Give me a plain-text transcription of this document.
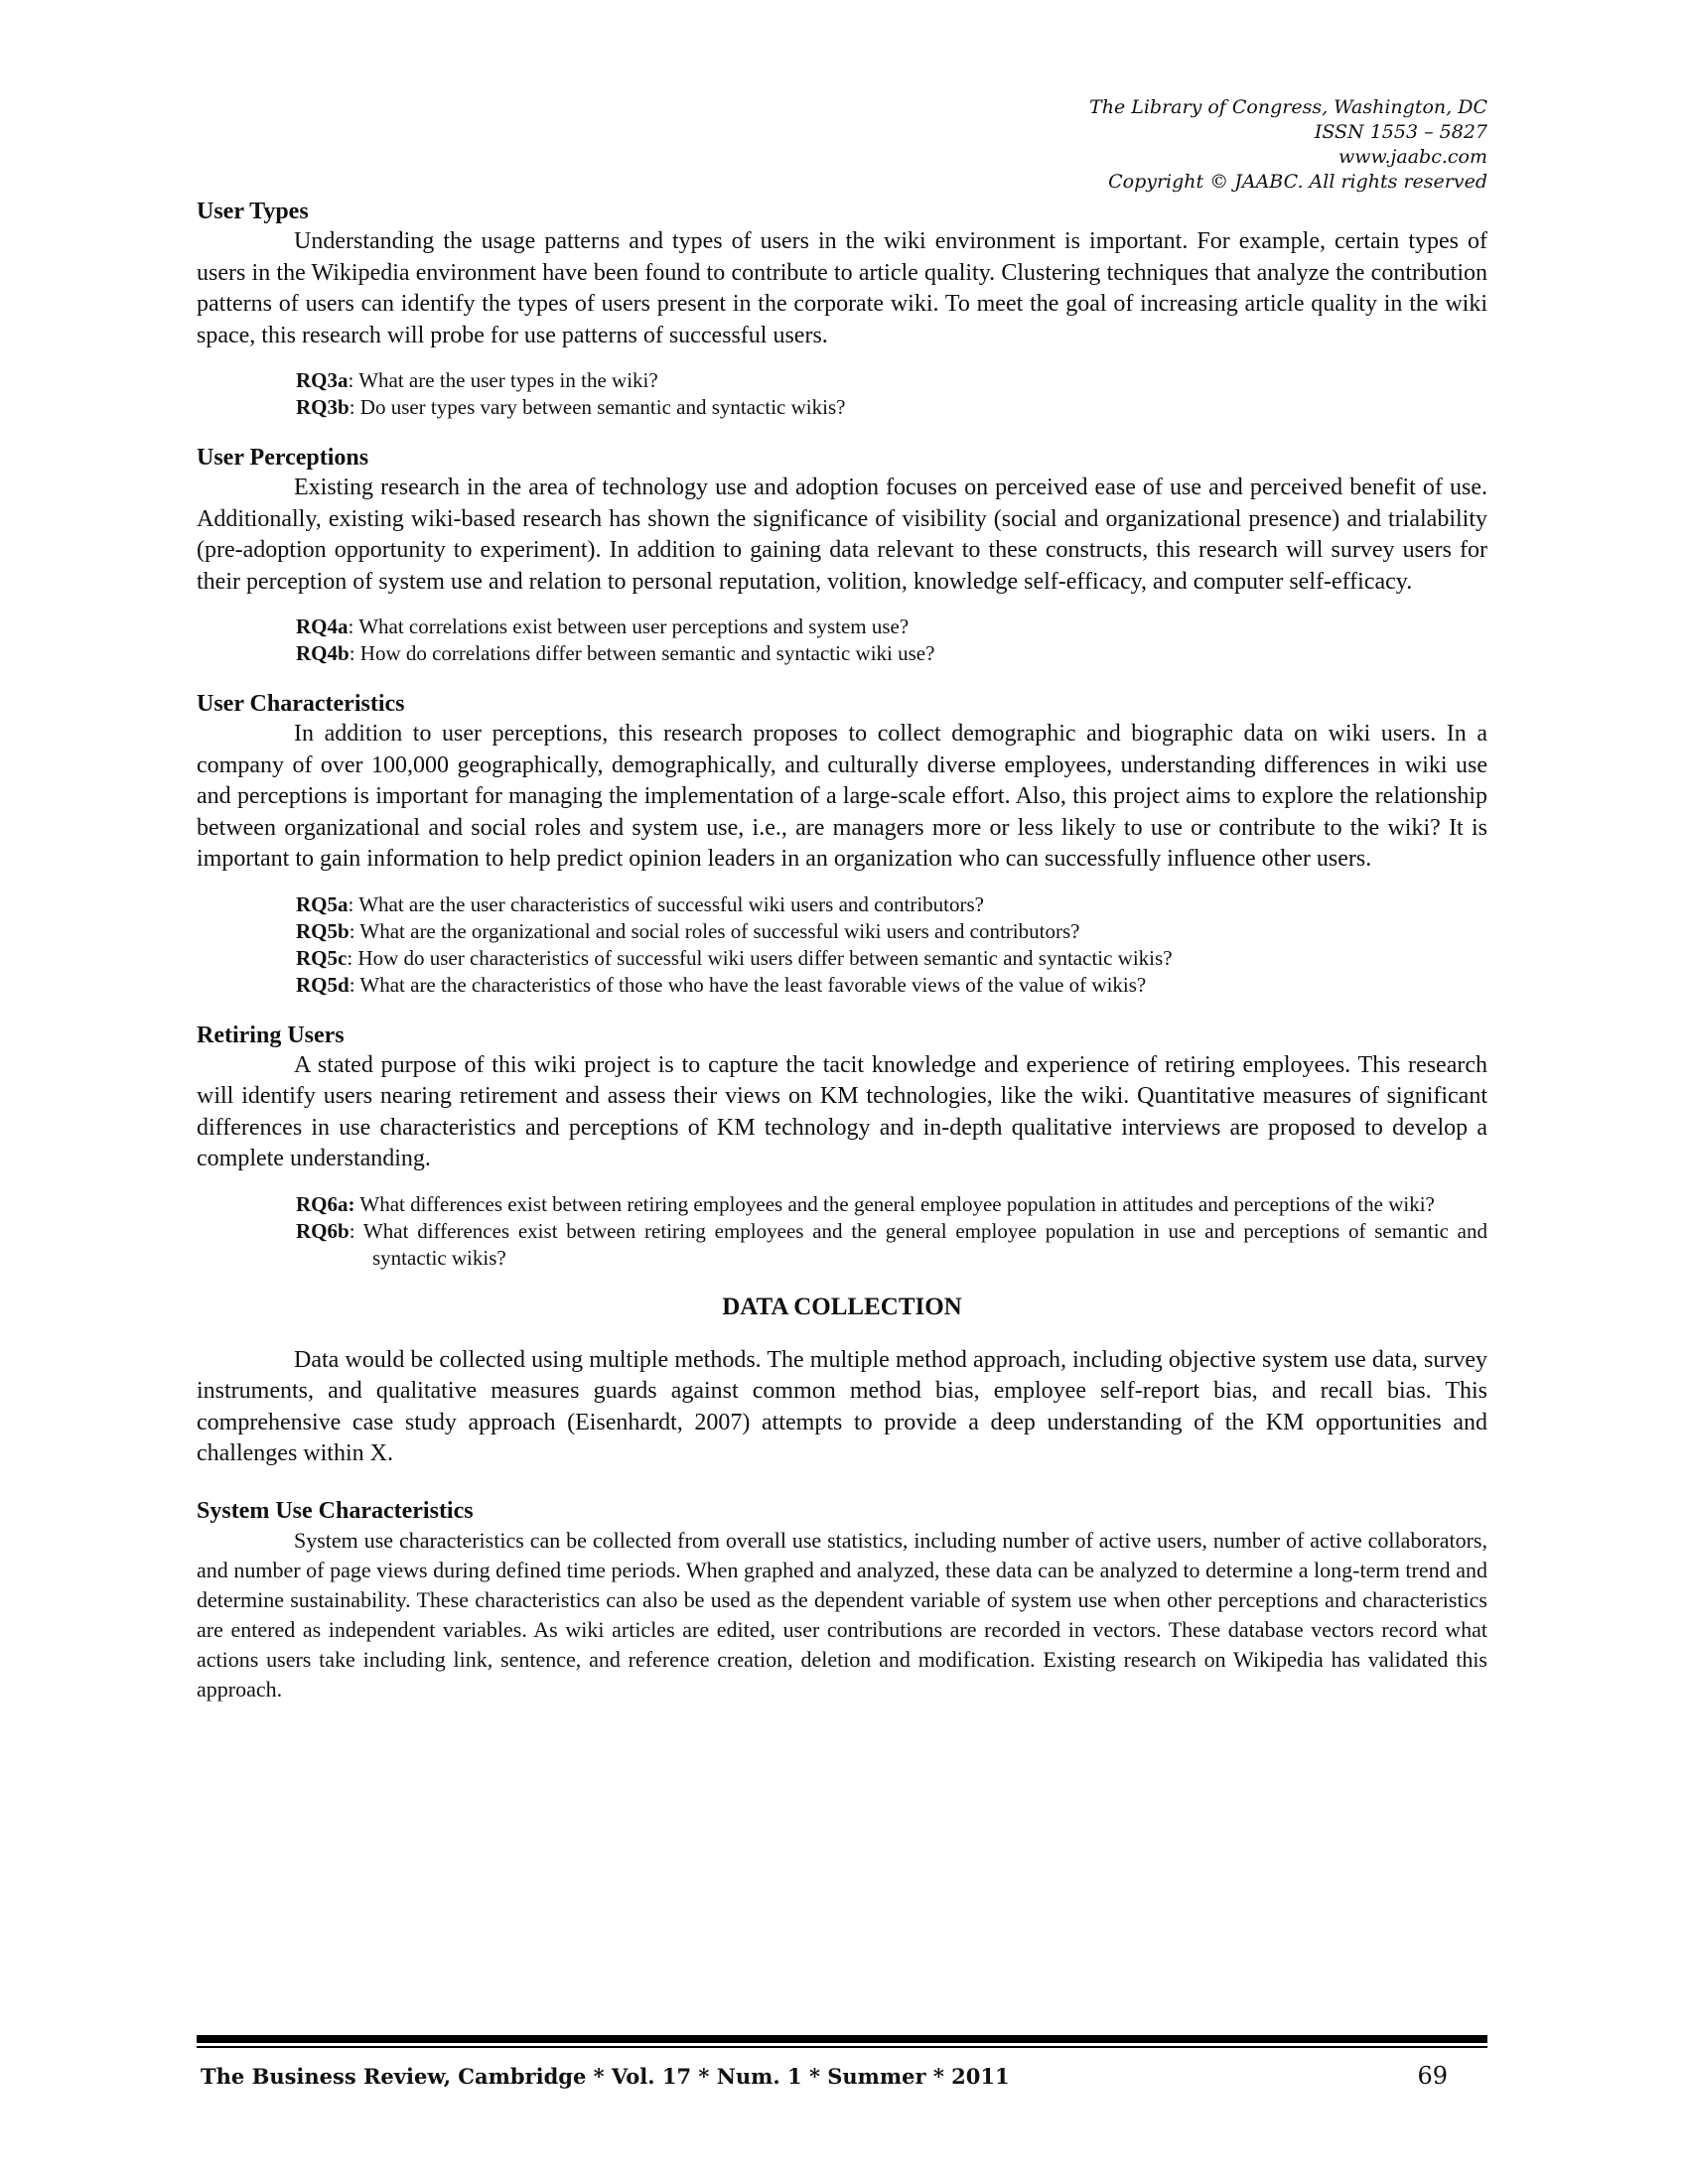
The Library of Congress, Washington, DC
ISSN 1553 – 5827
www.jaabc.com
Copyright © JAABC. All rights reserved
User Types

Understanding the usage patterns and types of users in the wiki environment is important. For example, certain types of users in the Wikipedia environment have been found to contribute to article quality. Clustering techniques that analyze the contribution patterns of users can identify the types of users present in the corporate wiki. To meet the goal of increasing article quality in the wiki space, this research will probe for use patterns of successful users.

RQ3a: What are the user types in the wiki?
RQ3b: Do user types vary between semantic and syntactic wikis?
User Perceptions

Existing research in the area of technology use and adoption focuses on perceived ease of use and perceived benefit of use. Additionally, existing wiki-based research has shown the significance of visibility (social and organizational presence) and trialability (pre-adoption opportunity to experiment). In addition to gaining data relevant to these constructs, this research will survey users for their perception of system use and relation to personal reputation, volition, knowledge self-efficacy, and computer self-efficacy.

RQ4a: What correlations exist between user perceptions and system use?
RQ4b: How do correlations differ between semantic and syntactic wiki use?
User Characteristics

In addition to user perceptions, this research proposes to collect demographic and biographic data on wiki users. In a company of over 100,000 geographically, demographically, and culturally diverse employees, understanding differences in wiki use and perceptions is important for managing the implementation of a large-scale effort. Also, this project aims to explore the relationship between organizational and social roles and system use, i.e., are managers more or less likely to use or contribute to the wiki? It is important to gain information to help predict opinion leaders in an organization who can successfully influence other users.

RQ5a: What are the user characteristics of successful wiki users and contributors?
RQ5b: What are the organizational and social roles of successful wiki users and contributors?
RQ5c: How do user characteristics of successful wiki users differ between semantic and syntactic wikis?
RQ5d: What are the characteristics of those who have the least favorable views of the value of wikis?
Retiring Users

A stated purpose of this wiki project is to capture the tacit knowledge and experience of retiring employees. This research will identify users nearing retirement and assess their views on KM technologies, like the wiki. Quantitative measures of significant differences in use characteristics and perceptions of KM technology and in-depth qualitative interviews are proposed to develop a complete understanding.

RQ6a: What differences exist between retiring employees and the general employee population in attitudes and perceptions of the wiki?
RQ6b: What differences exist between retiring employees and the general employee population in use and perceptions of semantic and syntactic wikis?
DATA COLLECTION

Data would be collected using multiple methods. The multiple method approach, including objective system use data, survey instruments, and qualitative measures guards against common method bias, employee self-report bias, and recall bias. This comprehensive case study approach (Eisenhardt, 2007) attempts to provide a deep understanding of the KM opportunities and challenges within X.

System Use Characteristics

System use characteristics can be collected from overall use statistics, including number of active users, number of active collaborators, and number of page views during defined time periods. When graphed and analyzed, these data can be analyzed to determine a long-term trend and determine sustainability. These characteristics can also be used as the dependent variable of system use when other perceptions and characteristics are entered as independent variables. As wiki articles are edited, user contributions are recorded in vectors. These database vectors record what actions users take including link, sentence, and reference creation, deletion and modification. Existing research on Wikipedia has validated this approach.

The Business Review, Cambridge * Vol. 17 * Num. 1 * Summer * 2011	69
